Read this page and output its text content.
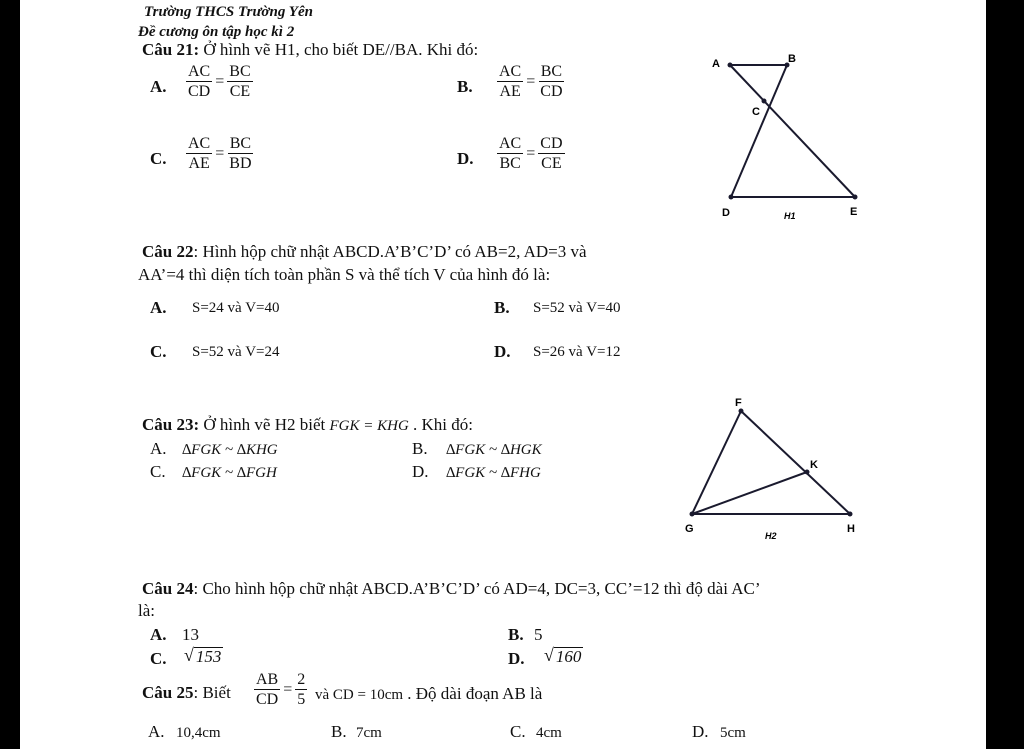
Trường THCS Trường Yên
Đề cương ôn tập học kì 2
Câu 21: Ở hình vẽ H1, cho biết DE//BA. Khi đó:
A. $\frac{AC}{CD} = \frac{BC}{CE}$	B. $\frac{AC}{AE} = \frac{BC}{CD}$
C. $\frac{AC}{AE} = \frac{BC}{BD}$	D. $\frac{AC}{BC} = \frac{CD}{CE}$
A	B
C
D	E
H1
Câu 22: Hình hộp chữ nhật ABCD.A’B’C’D’ có AB=2, AD=3 và
AA’=4 thì diện tích toàn phần S và thể tích V của hình đó là:
A. S=24 và V=40	B. S=52 và V=40
C. S=52 và V=24	D. S=26 và V=12
Câu 23: Ở hình vẽ H2 biết FGK = KHG . Khi đó:
A. ∆FGK ~ ∆KHG	B. ∆FGK ~ ∆HGK
C. ∆FGK ~ ∆FGH	D. ∆FGK ~ ∆FHG
F
G	H
K
H2
Câu 24: Cho hình hộp chữ nhật ABCD.A’B’C’D’ có AD=4, DC=3, CC’=12 thì độ dài AC’
là:
A. 13	B. 5
C. √ 153	D. √ 160
Câu 25: Biết $\frac{AB}{CD} = \frac{2}{5}$ và CD = 10cm . Độ dài đoạn AB là
A. 10,4cm	B. 7cm	C. 4cm	D. 5cm
